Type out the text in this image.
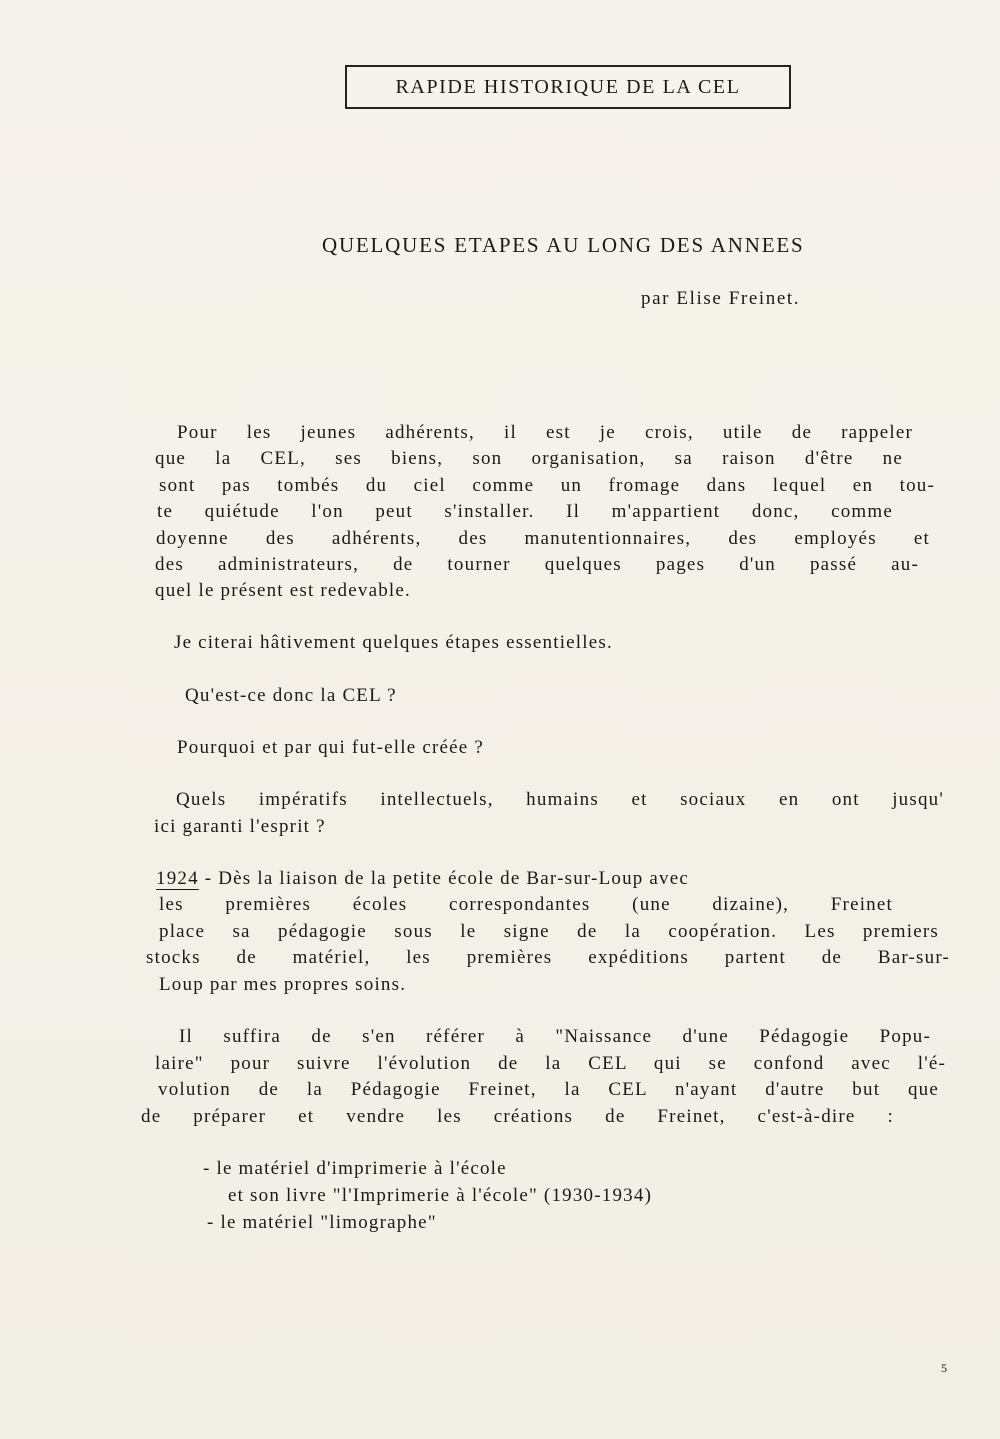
RAPIDE HISTORIQUE DE LA CEL
QUELQUES ETAPES AU LONG DES ANNEES
par Elise Freinet.
Pour les jeunes adhérents, il est je crois, utile de rappeler
que la CEL, ses biens, son organisation, sa raison d'être ne
sont pas tombés du ciel comme un fromage dans lequel en tou-
te quiétude l'on peut s'installer. Il m'appartient donc, comme
doyenne des adhérents, des manutentionnaires, des employés et
des administrateurs, de tourner quelques pages d'un passé au-
quel le présent est redevable.
Je citerai hâtivement quelques étapes essentielles.
Qu'est-ce donc la CEL ?
Pourquoi et par qui fut-elle créée ?
Quels impératifs intellectuels, humains et sociaux en ont jusqu'
ici garanti l'esprit ?
1924 - Dès la liaison de la petite école de Bar-sur-Loup avec
les premières écoles correspondantes (une dizaine), Freinet
place sa pédagogie sous le signe de la coopération. Les premiers
stocks de matériel, les premières expéditions partent de Bar-sur-
Loup par mes propres soins.
Il suffira de s'en référer à "Naissance d'une Pédagogie Popu-
laire" pour suivre l'évolution de la CEL qui se confond avec l'é-
volution de la Pédagogie Freinet, la CEL n'ayant d'autre but que
de préparer et vendre les créations de Freinet, c'est-à-dire :
- le matériel d'imprimerie à l'école
et son livre "l'Imprimerie à l'école" (1930-1934)
- le matériel "limographe"
5
